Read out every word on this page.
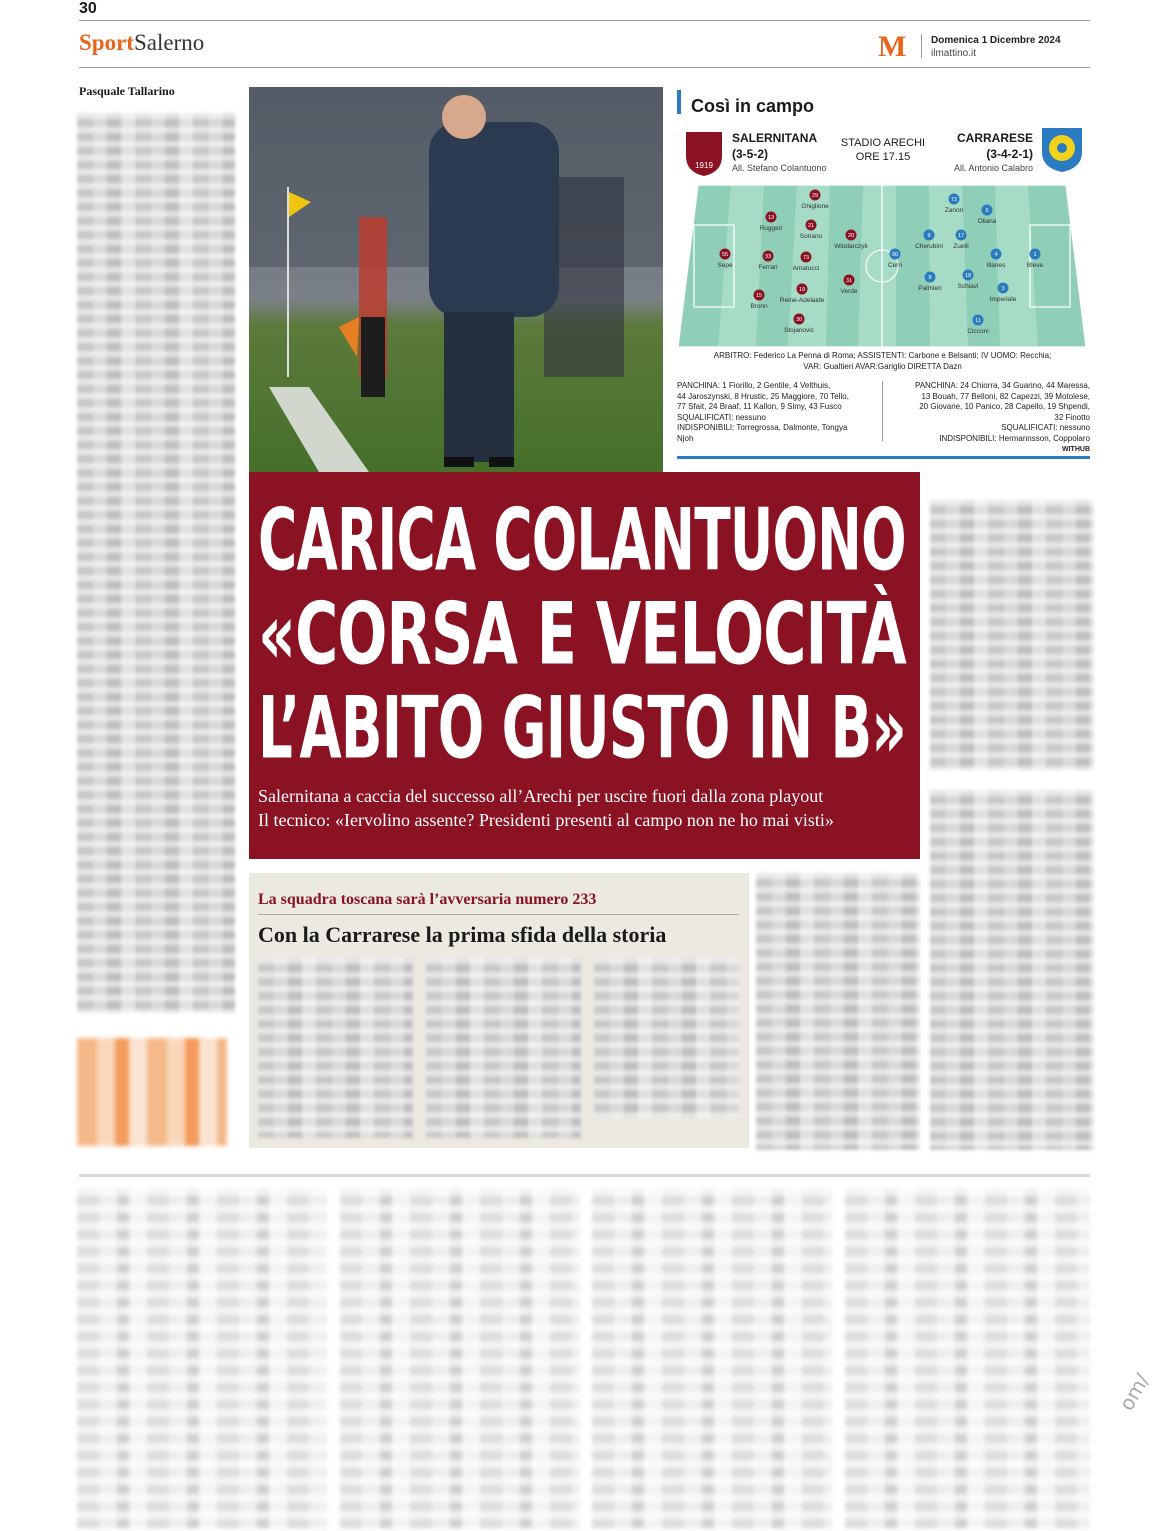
30
SportSalerno	M Domenica 1 Dicembre 2024
ilmattino.it
Pasquale Tallarino
Così in campo
1919
SALERNITANA
(3-5-2)
All. Stefano Colantuono
STADIO ARECHI
ORE 17.15
CARRARESE
(3-4-2-1)
All. Antonio Calabro
29
Ghiglione
13
Ruggeri	21
Soriano	20
Wlodarczyk
55
Sepe
33
Ferrari
73
Amatucci
31
Verde
15
Bronn
19
Reine-Adelaide
30
Stojanovic
72
Zanon	6
Oliana
9
Cherubini
17
Zuelli
90
Cerri
4
Illanes
1
Bleve
8
Palmieri
18
Schiavi	3
Imperiale
11
Cicconi
ARBITRO: Federico La Penna di Roma; ASSISTENTI: Carbone e Belsanti; IV UOMO: Recchia;
VAR: Gualtieri AVAR:Gariglio DIRETTA Dazn
PANCHINA: 1 Fiorillo, 2 Gentile, 4 Velthuis,
44 Jaroszynski, 8 Hrustic, 25 Maggiore, 70 Tello,
77 Sfait, 24 Braaf, 11 Kallon, 9 Simy, 43 Fusco
SQUALIFICATI: nessuno
INDISPONIBILI: Torregrossa, Dalmonte, Tongya
Njoh
PANCHINA: 24 Chiorra, 34 Guarino, 44 Maressa,
13 Bouah, 77 Belloni, 82 Capezzi, 39 Motolese,
20 Giovane, 10 Panico, 28 Capello, 19 Shpendi,
32 Finotto
SQUALIFICATI: nessuno
INDISPONIBILI: Hermannsson, Coppolaro
WITHUB
CARICA COLANTUONO
«CORSA E VELOCITÀ
L’ABITO GIUSTO IN B»
Salernitana a caccia del successo all’Arechi per uscire fuori dalla zona playout
Il tecnico: «Iervolino assente? Presidenti presenti al campo non ne ho mai visti»
La squadra toscana sarà l’avversaria numero 233
Con la Carrarese la prima sfida della storia
om/
